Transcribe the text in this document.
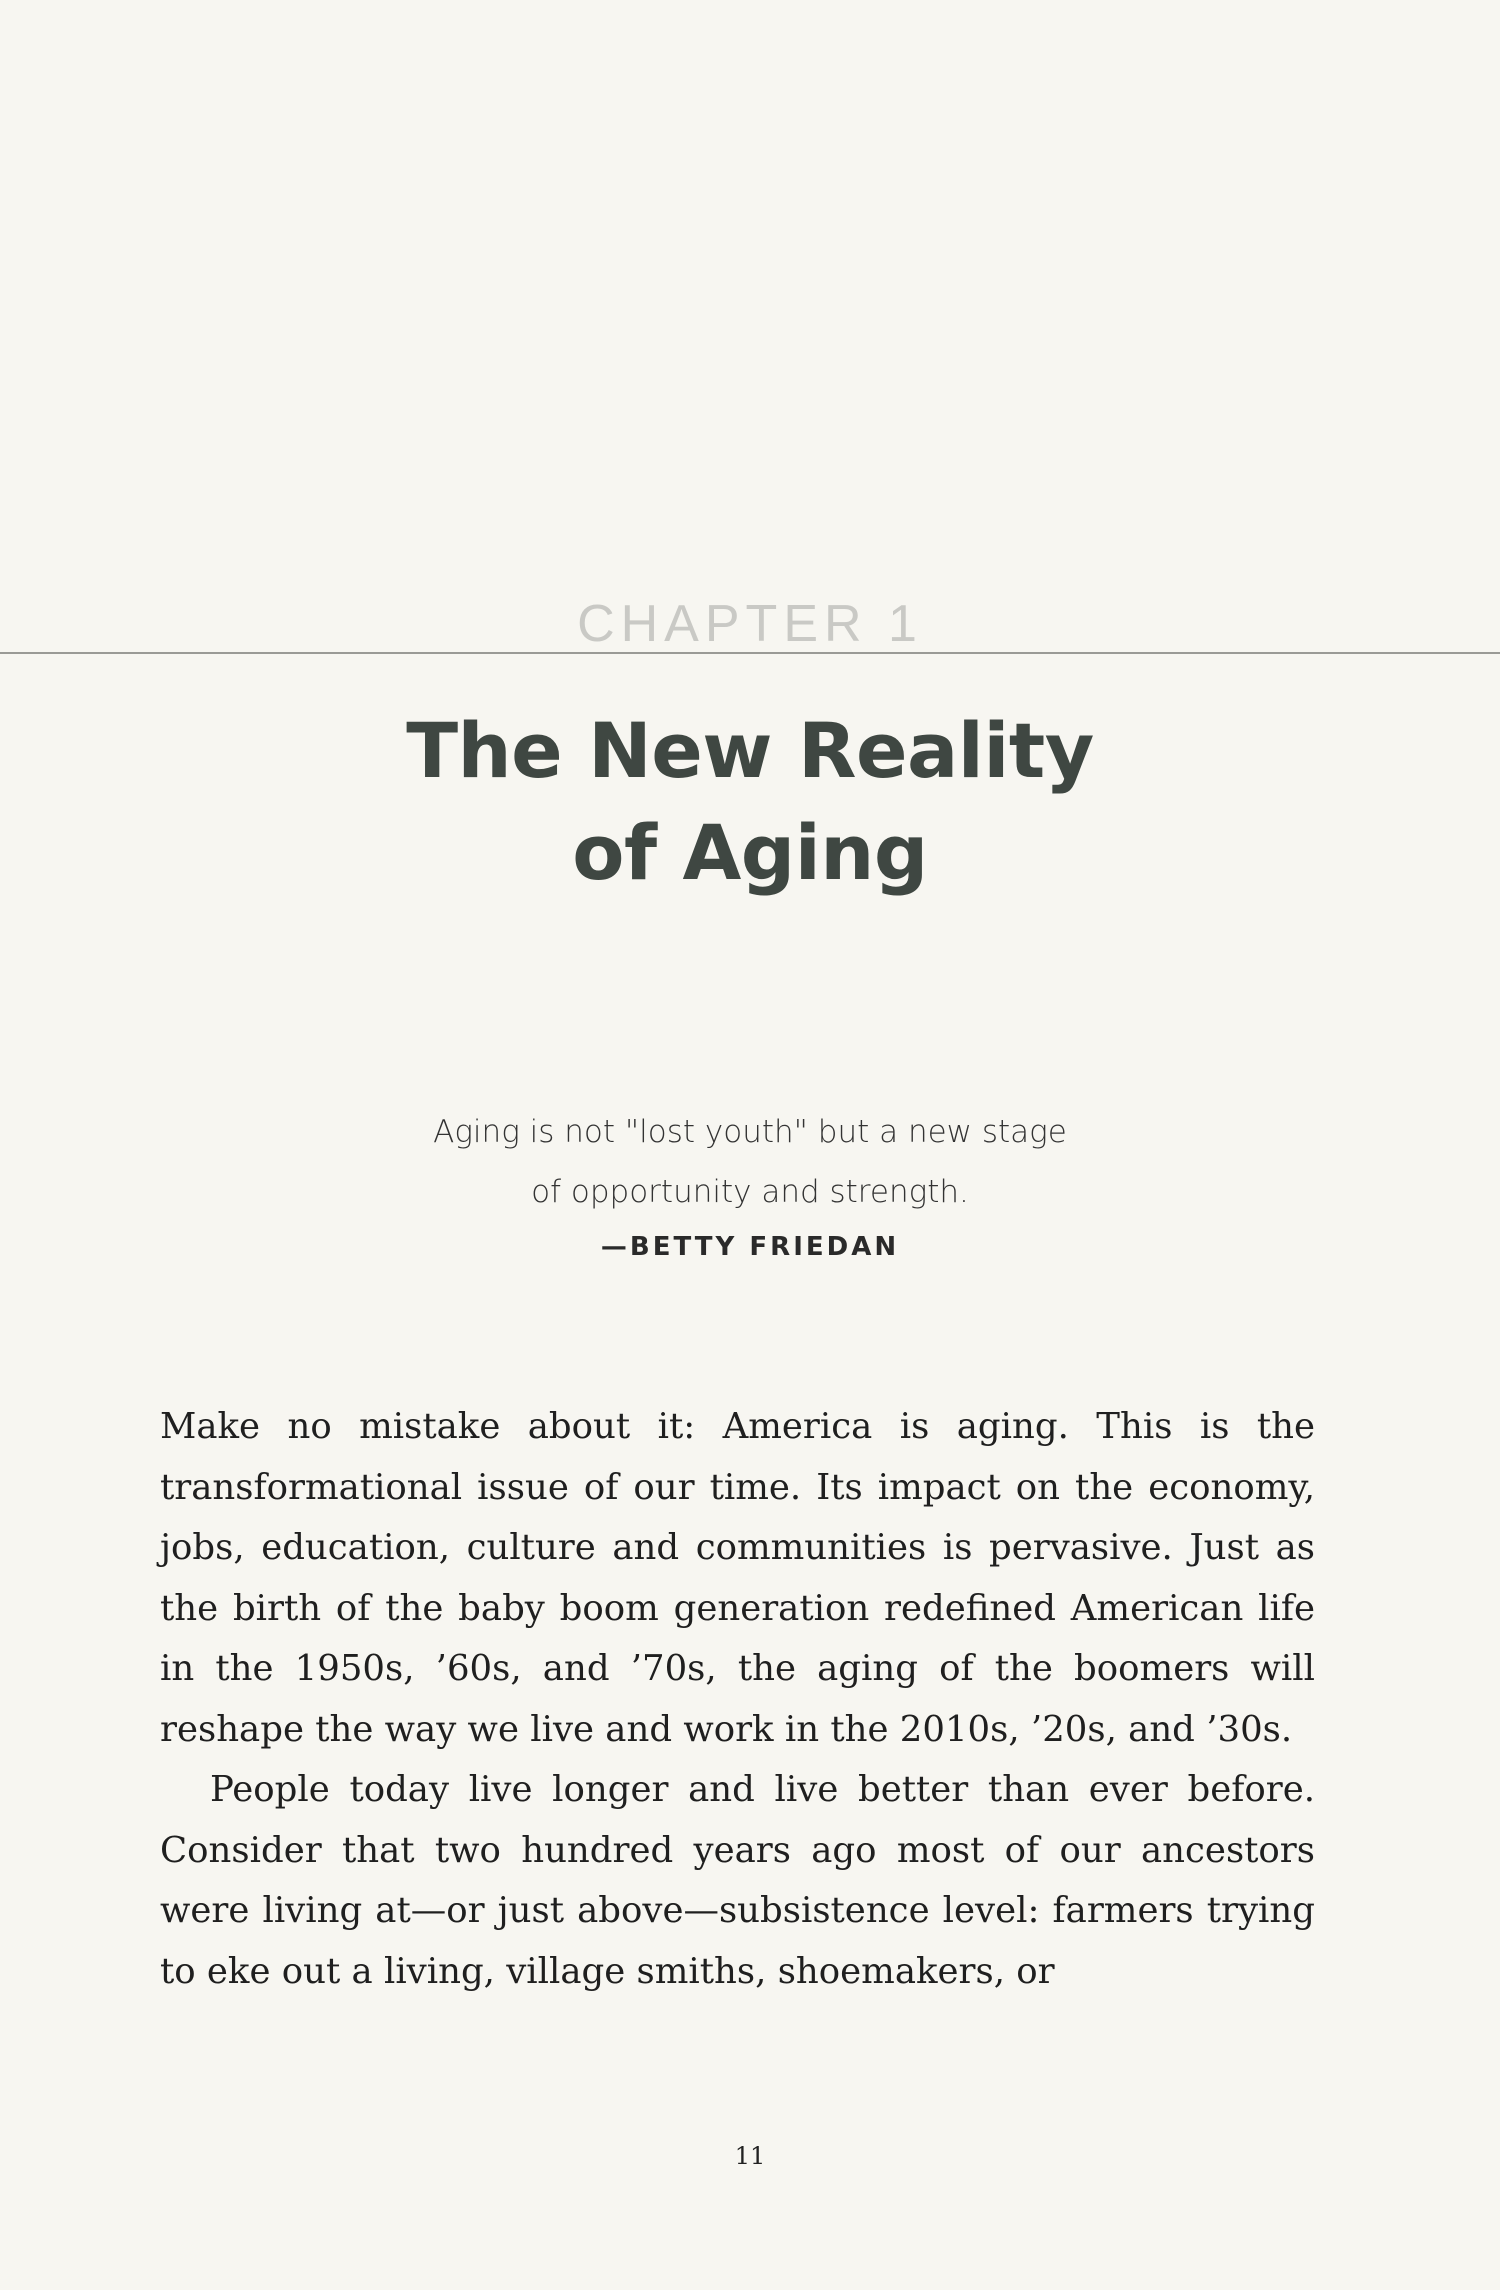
CHAPTER 1
The New Reality
of Aging
Aging is not "lost youth" but a new stage
of opportunity and strength.
—BETTY FRIEDAN

Make no mistake about it: America is aging. This is the transformational issue of our time. Its impact on the economy, jobs, education, culture and communities is pervasive. Just as the birth of the baby boom generation redefined American life in the 1950s, ’60s, and ’70s, the aging of the boomers will reshape the way we live and work in the 2010s, ’20s, and ’30s.

People today live longer and live better than ever before. Consider that two hundred years ago most of our ancestors were living at—or just above—subsistence level: farmers trying to eke out a living, village smiths, shoemakers, or

11
